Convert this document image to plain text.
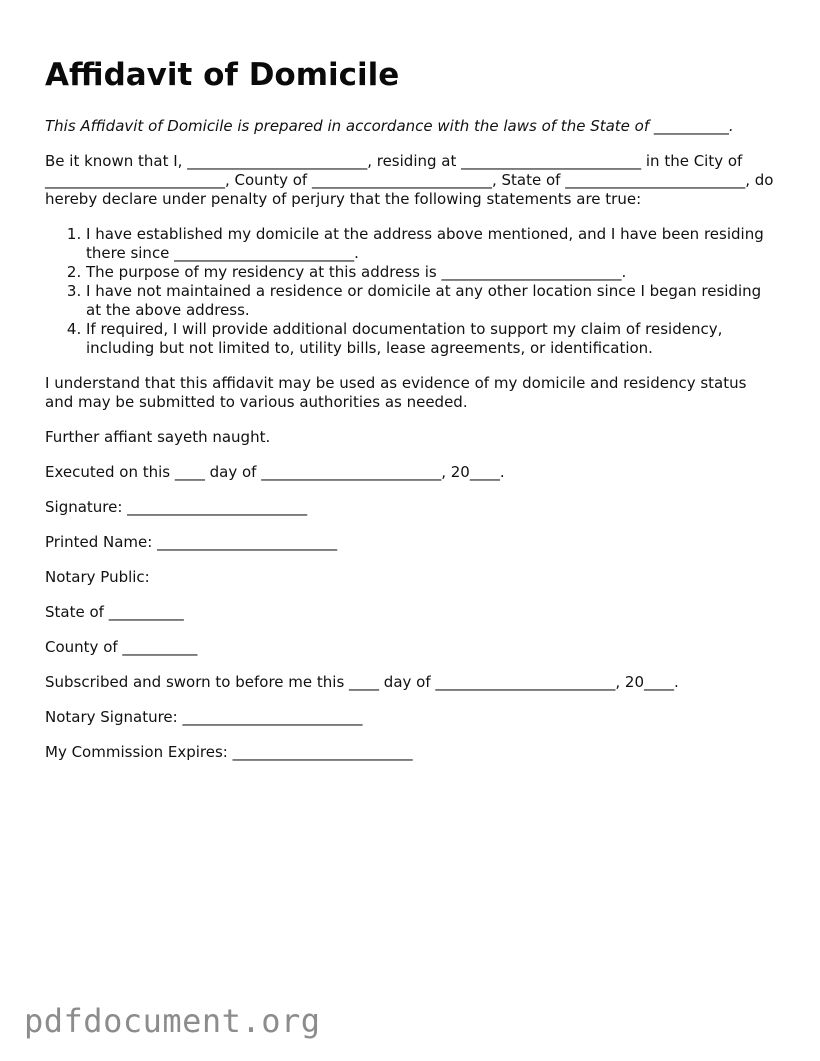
Affidavit of Domicile

This Affidavit of Domicile is prepared in accordance with the laws of the State of __________.

Be it known that I, ________________________, residing at ________________________ in the City of ________________________, County of ________________________, State of ________________________, do hereby declare under penalty of perjury that the following statements are true:

1. I have established my domicile at the address above mentioned, and I have been residing there since ________________________.
2. The purpose of my residency at this address is ________________________.
3. I have not maintained a residence or domicile at any other location since I began residing at the above address.
4. If required, I will provide additional documentation to support my claim of residency, including but not limited to, utility bills, lease agreements, or identification.

I understand that this affidavit may be used as evidence of my domicile and residency status and may be submitted to various authorities as needed.

Further affiant sayeth naught.

Executed on this ____ day of ________________________, 20____.

Signature: ________________________

Printed Name: ________________________

Notary Public:

State of __________

County of __________

Subscribed and sworn to before me this ____ day of ________________________, 20____.

Notary Signature: ________________________

My Commission Expires: ________________________

pdfdocument.org
